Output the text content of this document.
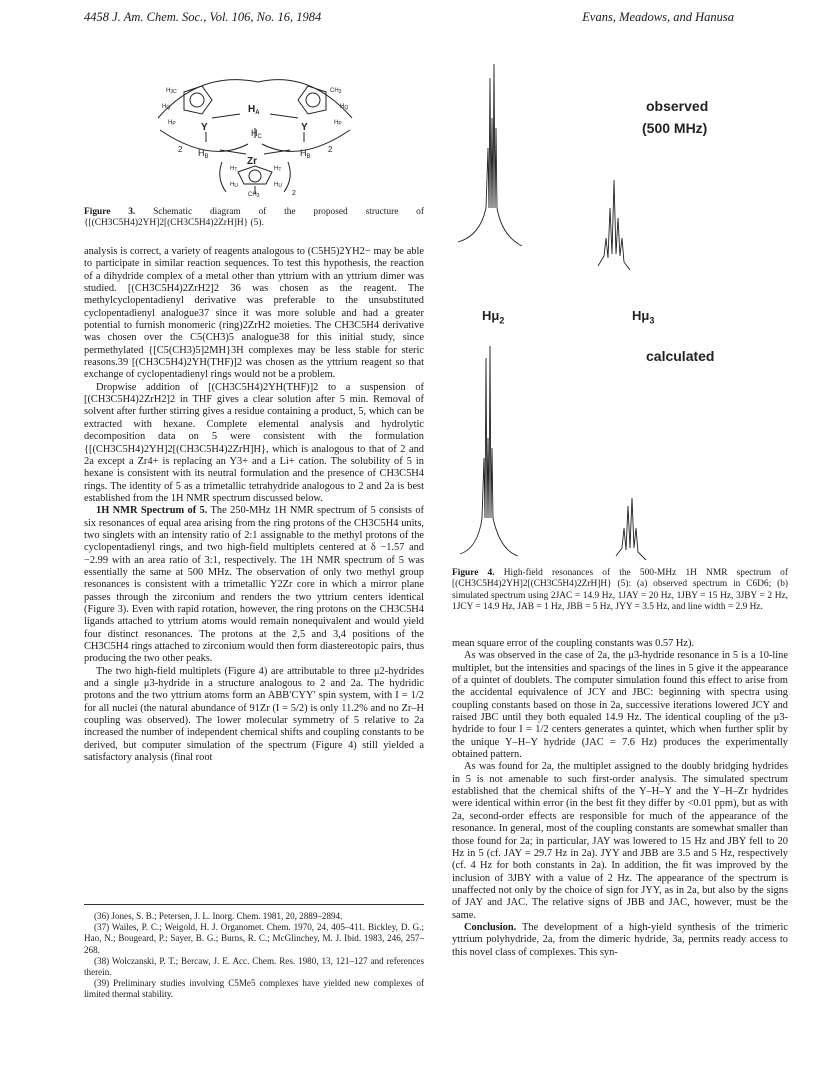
4458 J. Am. Chem. Soc., Vol. 106, No. 16, 1984	Evans, Meadows, and Hanusa
$H_A$
Y	Y
$H_C$
$H_B$	$H_B$
2	2
Zr
2
CH3
H3C
CH3
HP	HP
HQ	HQ
HT	HT
HU	HU
Figure 3. Schematic diagram of the proposed structure of {[(CH3C5H4)2YH]2[(CH3C5H4)2ZrH]H} (5).

analysis is correct, a variety of reagents analogous to (C5H5)2YH2− may be able to participate in similar reaction sequences. To test this hypothesis, the reaction of a dihydride complex of a metal other than yttrium with an yttrium dimer was studied. [(CH3C5H4)2ZrH2]2 36 was chosen as the reagent. The methylcyclopentadienyl derivative was preferable to the unsubstituted cyclopentadienyl analogue37 since it was more soluble and had a greater potential to furnish monomeric (ring)2ZrH2 moieties. The CH3C5H4 derivative was chosen over the C5(CH3)5 analogue38 for this initial study, since permethylated {[C5(CH3)5]2MH}3H complexes may be less stable for steric reasons.39 [(CH3C5H4)2YH(THF)]2 was chosen as the yttrium reagent so that exchange of cyclopentadienyl rings would not be a problem.

Dropwise addition of [(CH3C5H4)2YH(THF)]2 to a suspension of [(CH3C5H4)2ZrH2]2 in THF gives a clear solution after 5 min. Removal of solvent after further stirring gives a residue containing a product, 5, which can be extracted with hexane. Complete elemental analysis and hydrolytic decomposition data on 5 were consistent with the formulation {[(CH3C5H4)2YH]2[(CH3C5H4)2ZrH]H}, which is analogous to that of 2 and 2a except a Zr4+ is replacing an Y3+ and a Li+ cation. The solubility of 5 in hexane is consistent with its neutral formulation and the presence of CH3C5H4 rings. The identity of 5 as a trimetallic tetrahydride analogous to 2 and 2a is best established from the 1H NMR spectrum discussed below.

1H NMR Spectrum of 5. The 250-MHz 1H NMR spectrum of 5 consists of six resonances of equal area arising from the ring protons of the CH3C5H4 units, two singlets with an intensity ratio of 2:1 assignable to the methyl protons of the cyclopentadienyl rings, and two high-field multiplets centered at δ −1.57 and −2.99 with an area ratio of 3:1, respectively. The 1H NMR spectrum of 5 was essentially the same at 500 MHz. The observation of only two methyl group resonances is consistent with a trimetallic Y2Zr core in which a mirror plane passes through the zirconium and renders the two yttrium centers identical (Figure 3). Even with rapid rotation, however, the ring protons on the CH3C5H4 ligands attached to yttrium atoms would remain nonequivalent and would yield four distinct resonances. The protons at the 2,5 and 3,4 positions of the CH3C5H4 rings attached to zirconium would then form diastereotopic pairs, thus producing the two other peaks.

The two high-field multiplets (Figure 4) are attributable to three μ2-hydrides and a single μ3-hydride in a structure analogous to 2 and 2a. The hydridic protons and the two yttrium atoms form an ABB′CYY′ spin system, with I = 1/2 for all nuclei (the natural abundance of 91Zr (I = 5/2) is only 11.2% and no Zr–H coupling was observed). The lower molecular symmetry of 5 relative to 2a increased the number of independent chemical shifts and coupling constants to be derived, but computer simulation of the spectrum (Figure 4) still yielded a satisfactory analysis (final root

(36) Jones, S. B.; Petersen, J. L. Inorg. Chem. 1981, 20, 2889–2894.

(37) Wailes, P. C.; Weigold, H. J. Organomet. Chem. 1970, 24, 405–411. Bickley, D. G.; Hao, N.; Bougeard, P.; Sayer, B. G.; Burns, R. C.; McGlinchey, M. J. Ibid. 1983, 246, 257–268.

(38) Wolczanski, P. T.; Bercaw, J. E. Acc. Chem. Res. 1980, 13, 121–127 and references therein.

(39) Preliminary studies involving C5Me5 complexes have yielded new complexes of limited thermal stability.

observed
(500 MHz)
$H\mu_2$	$H\mu_3$
calculated
Figure 4. High-field resonances of the 500-MHz 1H NMR spectrum of [(CH3C5H4)2YH]2[(CH3C5H4)2ZrH]H} (5): (a) observed spectrum in C6D6; (b) simulated spectrum using 2JAC = 14.9 Hz, 1JAY = 20 Hz, 1JBY = 15 Hz, 3JBY = 2 Hz, 1JCY = 14.9 Hz, JAB = 1 Hz, JBB = 5 Hz, JYY = 3.5 Hz, and line width = 2.9 Hz.

mean square error of the coupling constants was 0.57 Hz).

As was observed in the case of 2a, the μ3-hydride resonance in 5 is a 10-line multiplet, but the intensities and spacings of the lines in 5 give it the appearance of a quintet of doublets. The computer simulation found this effect to arise from the accidental equivalence of JCY and JBC: beginning with spectra using coupling constants based on those in 2a, successive iterations lowered JCY and raised JBC until they both equaled 14.9 Hz. The identical coupling of the μ3-hydride to four I = 1/2 centers generates a quintet, which when further split by the unique Y–H–Y hydride (JAC = 7.6 Hz) produces the experimentally obtained pattern.

As was found for 2a, the multiplet assigned to the doubly bridging hydrides in 5 is not amenable to such first-order analysis. The simulated spectrum established that the chemical shifts of the Y–H–Y and the Y–H–Zr hydrides were identical within error (in the best fit they differ by <0.01 ppm), but as with 2a, second-order effects are responsible for much of the appearance of the resonance. In general, most of the coupling constants are somewhat smaller than those found for 2a; in particular, JAY was lowered to 15 Hz and JBY fell to 20 Hz in 5 (cf. JAY = 29.7 Hz in 2a). JYY and JBB are 3.5 and 5 Hz, respectively (cf. 4 Hz for both constants in 2a). In addition, the fit was improved by the inclusion of 3JBY with a value of 2 Hz. The appearance of the spectrum is unaffected not only by the choice of sign for JYY, as in 2a, but also by the signs of JAY and JAC. The relative signs of JBB and JAC, however, must be the same.

Conclusion. The development of a high-yield synthesis of the trimeric yttrium polyhydride, 2a, from the dimeric hydride, 3a, permits ready access to this novel class of complexes. This syn-
